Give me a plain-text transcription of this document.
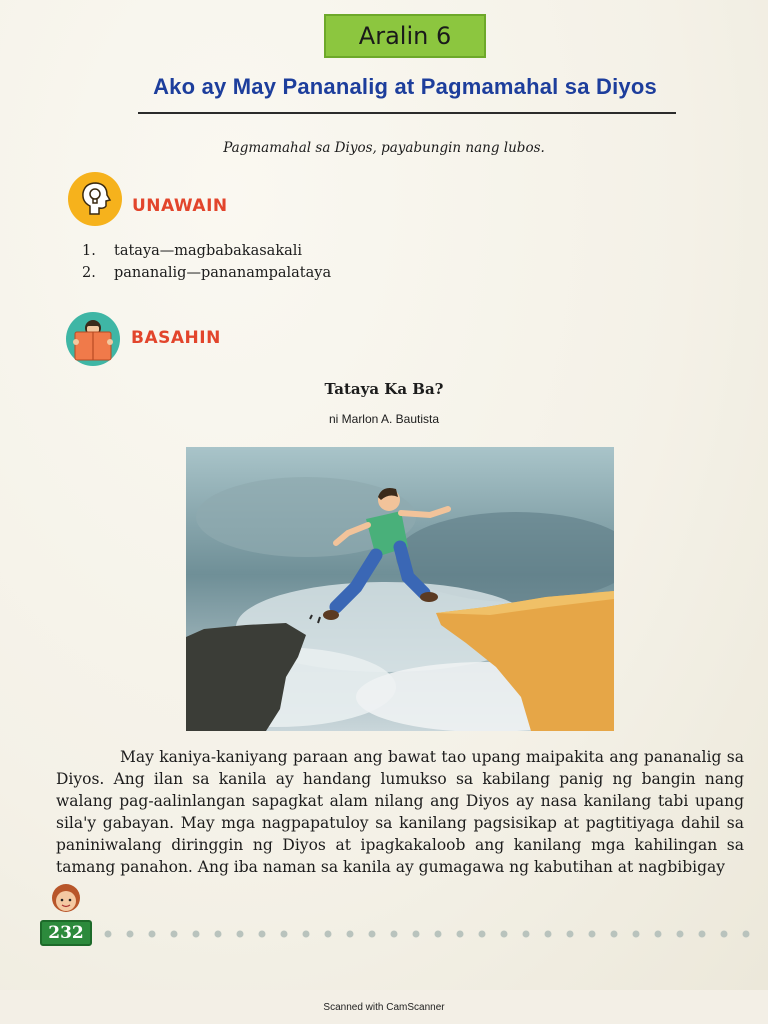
Aralin 6
Ako ay May Pananalig at Pagmamahal sa Diyos
Pagmamahal sa Diyos, payabungin nang lubos.
UNAWAIN
1. tataya—magbabakasakali
2. pananalig—pananampalataya
BASAHIN
Tataya Ka Ba?
ni Marlon A. Bautista

May kaniya-kaniyang paraan ang bawat tao upang maipakita ang pananalig sa Diyos. Ang ilan sa kanila ay handang lumukso sa kabilang panig ng bangin nang walang pag-aalinlangan sapagkat alam nilang ang Diyos ay nasa kanilang tabi upang sila'y gabayan. May mga nagpapatuloy sa kanilang pagsisikap at pagtitiyaga dahil sa paniniwalang diringgin ng Diyos at ipagkakaloob ang kanilang mga kahilingan sa tamang panahon. Ang iba naman sa kanila ay gumagawa ng kabutihan at nagbibigay

232
Scanned with CamScanner
